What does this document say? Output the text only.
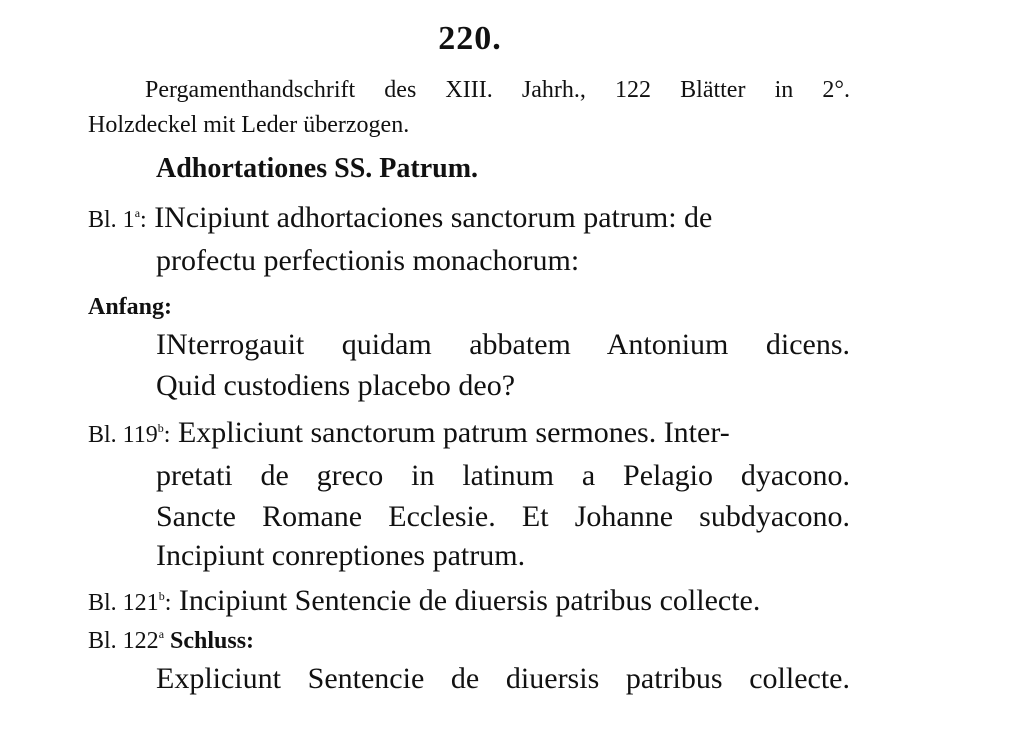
220.
Pergamenthandschrift des XIII. Jahrh., 122 Blätter in 2°.
Holzdeckel mit Leder überzogen.
Adhortationes SS. Patrum.
Bl. 1$^a$: INcipiunt adhortaciones sanctorum patrum: de
profectu perfectionis monachorum:
Anfang:
INterrogauit quidam abbatem Antonium dicens.
Quid custodiens placebo deo?
Bl. 119$^b$: Expliciunt sanctorum patrum sermones. Inter-
pretati de greco in latinum a Pelagio dyacono.
Sancte Romane Ecclesie. Et Johanne subdyacono.
Incipiunt conreptiones patrum.
Bl. 121$^b$: Incipiunt Sentencie de diuersis patribus collecte.
Bl. 122$^a$ Schluss:
Expliciunt Sentencie de diuersis patribus collecte.
